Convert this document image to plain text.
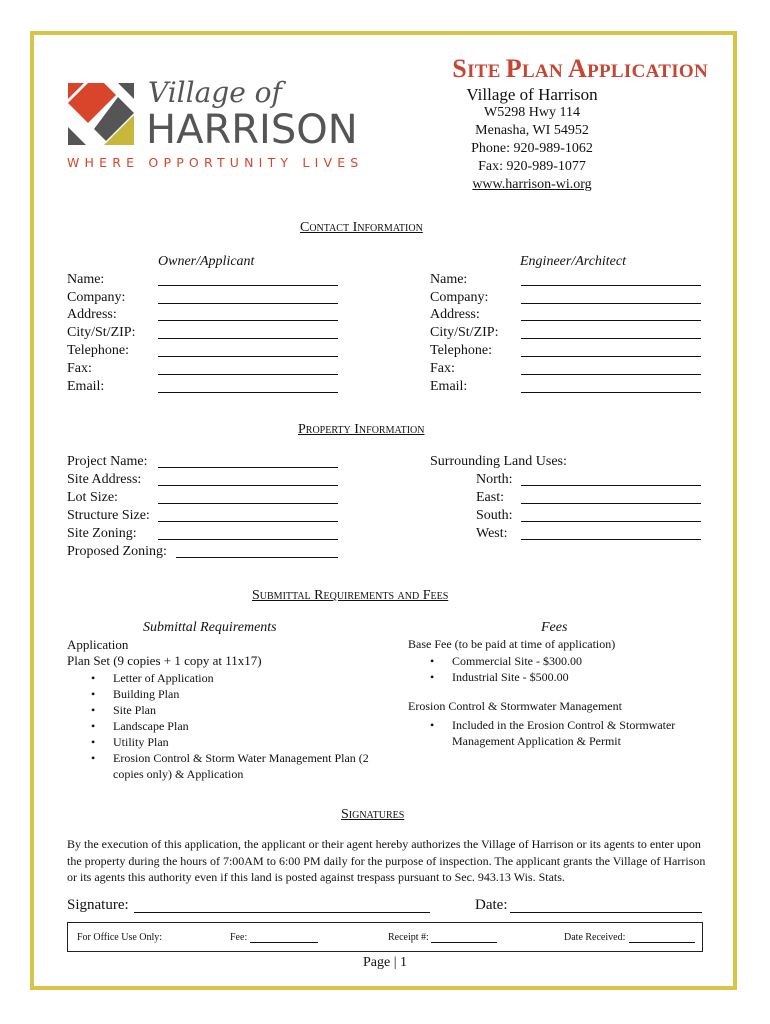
SITE PLAN APPLICATION
Village of
HARRISON
WHERE OPPORTUNITY LIVES
Village of Harrison
W5298 Hwy 114
Menasha, WI 54952
Phone: 920-989-1062
Fax: 920-989-1077
www.harrison-wi.org
Contact Information
Owner/Applicant	Engineer/Architect
Name:
Company:
Address:
City/St/ZIP:
Telephone:
Fax:
Email:
Name:
Company:
Address:
City/St/ZIP:
Telephone:
Fax:
Email:
Property Information
Project Name:
Site Address:
Lot Size:
Structure Size:
Site Zoning:
Proposed Zoning:
Surrounding Land Uses:
North:
East:
South:
West:
Submittal Requirements and Fees
Submittal Requirements	Fees
Application
Plan Set (9 copies + 1 copy at 11x17)
• Letter of Application
• Building Plan
• Site Plan
• Landscape Plan
• Utility Plan
• Erosion Control & Storm Water Management Plan (2 copies only) & Application
Base Fee (to be paid at time of application)
• Commercial Site - $300.00
• Industrial Site - $500.00
Erosion Control & Stormwater Management
• Included in the Erosion Control & Stormwater Management Application & Permit
Signatures
By the execution of this application, the applicant or their agent hereby authorizes the Village of Harrison or its agents to enter upon the property during the hours of 7:00AM to 6:00 PM daily for the purpose of inspection. The applicant grants the Village of Harrison or its agents this authority even if this land is posted against trespass pursuant to Sec. 943.13 Wis. Stats.
Signature:	Date:
For Office Use Only:	Fee:	Receipt #:	Date Received:
Page | 1
